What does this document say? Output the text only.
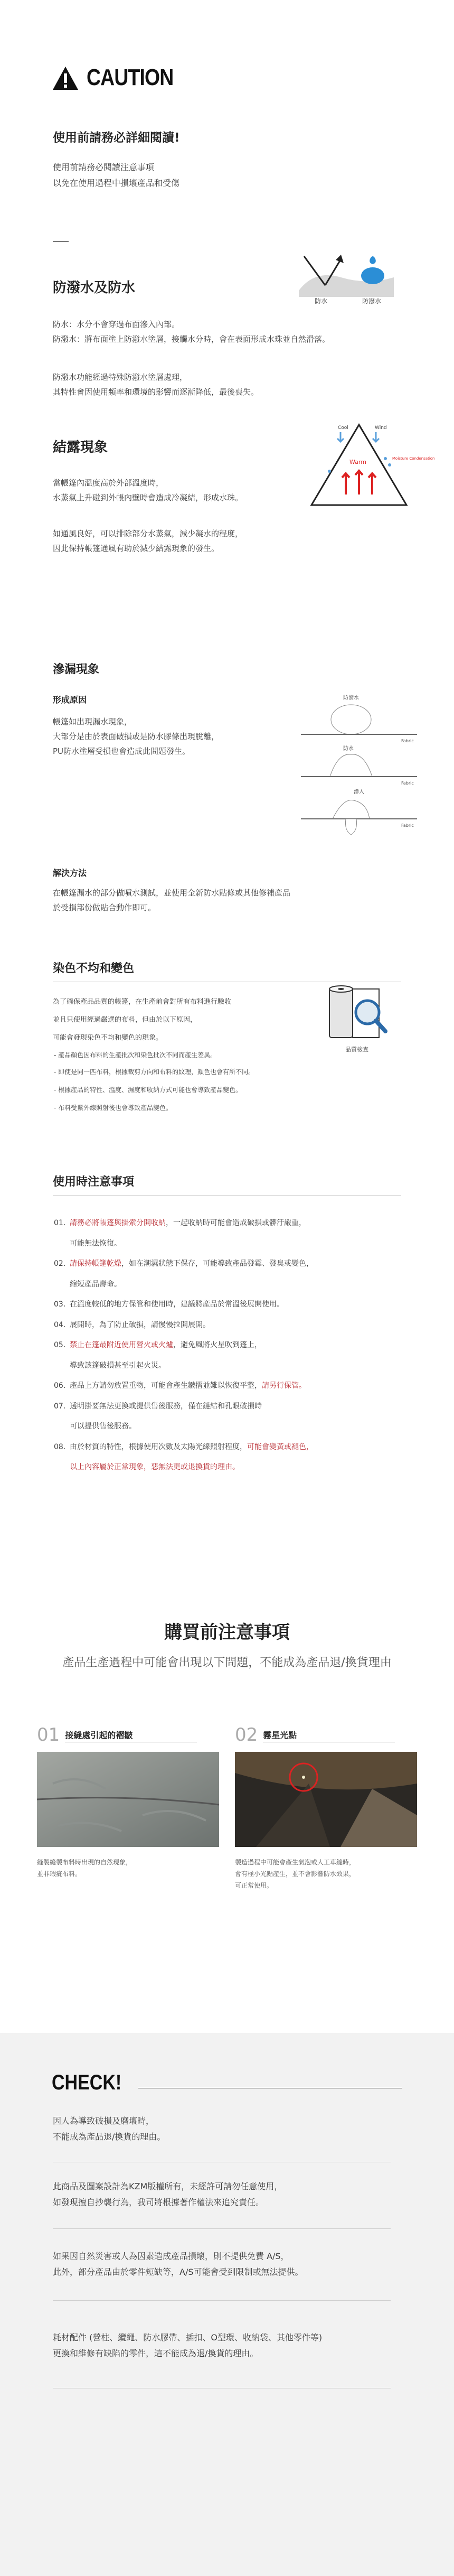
CAUTION
使用前請務必詳細閱讀!
使用前請務必閱讀注意事項
以免在使用過程中損壞產品和受傷
防潑水及防水
防水	防潑水
防水：水分不會穿過布面滲入內部。
防潑水：將布面塗上防潑水塗層，接觸水分時，會在表面形成水珠並自然滑落。
防潑水功能經過特殊防潑水塗層處理，
其特性會因使用頻率和環境的影響而逐漸降低，最後喪失。
結露現象
Cool	Wind
Warm	Moisture Condensation
當帳篷內溫度高於外部溫度時，
水蒸氣上升碰到外帳內壁時會造成冷凝結，形成水珠。
如通風良好，可以排除部分水蒸氣，減少凝水的程度，
因此保持帳篷通風有助於減少結露現象的發生。
滲漏現象
形成原因
帳篷如出現漏水現象，
大部分是由於表面破損或是防水膠條出現脫離，
PU防水塗層受損也會造成此問題發生。
防潑水
Fabric
防水
Fabric
滲入
Fabric
解決方法
在帳篷漏水的部分做噴水測試，並使用全新防水貼條或其他修補產品
於受損部份做貼合動作即可。
染色不均和變色
為了確保產品品質的帳篷，在生產前會對所有布料進行驗收
並且只使用經過嚴選的布料，但由於以下原因，
可能會發現染色不均和變色的現象。
品質檢查
- 產品顏色因布料的生產批次和染色批次不同而產生差異。
- 即使是同一匹布料，根據裁剪方向和布料的紋理，顏色也會有所不同。
- 根據產品的特性、溫度、濕度和收納方式可能也會導致產品變色。
- 布料受紫外線照射後也會導致產品變色。
使用時注意事項
01. 請務必將帳篷與掛索分開收納，一起收納時可能會造成破損或髒汙嚴重，
可能無法恢復。
02. 請保持帳篷乾燥，如在潮濕狀態下保存，可能導致產品發霉、發臭或變色，
縮短產品壽命。
03. 在溫度較低的地方保管和使用時，建議將產品於常溫後展開使用。
04. 展開時，為了防止破損，請慢慢拉開展開。
05. 禁止在篷最附近使用營火或火爐，避免風將火星吹到篷上，
導致該篷破損甚至引起火災。
06. 產品上方請勿放置重物，可能會產生皺摺並難以恢復平整，請另行保管。
07. 透明掛要無法更換或提供售後服務，僅在鏈結和孔眼破損時
可以提供售後服務。
08. 由於材質的特性，根據使用次數及太陽光線照射程度，可能會變黃或褪色，
以上內容屬於正常現象，惡無法更或退換貨的理由。
購買前注意事項
產品生產過程中可能會出現以下問題，不能成為產品退/換貨理由
01 接縫處引起的褶皺
縫製縫製布料時出現的自然現象，
並非瑕疵布料。
02 霧星光點
製造過程中可能會產生氣泡或人工車縫時，
會有極小光點產生，並不會影響防水效果，
可正常使用。
CHECK!
因人為導致破損及磨壞時，
不能成為產品退/換貨的理由。
此商品及圖案設計為KZM版權所有，未經許可請勿任意使用，
如發現擅自抄襲行為，我司將根據著作權法來追究責任。
如果因自然災害或人為因素造成產品損壞，則不提供免費 A/S，
此外，部分產品由於零件短缺等，A/S可能會受到限制或無法提供。
耗材配件 (營柱、纜繩、防水膠帶、插扣、O型環、收納袋、其他零件等)
更換和維修有缺陷的零件，這不能成為退/換貨的理由。
